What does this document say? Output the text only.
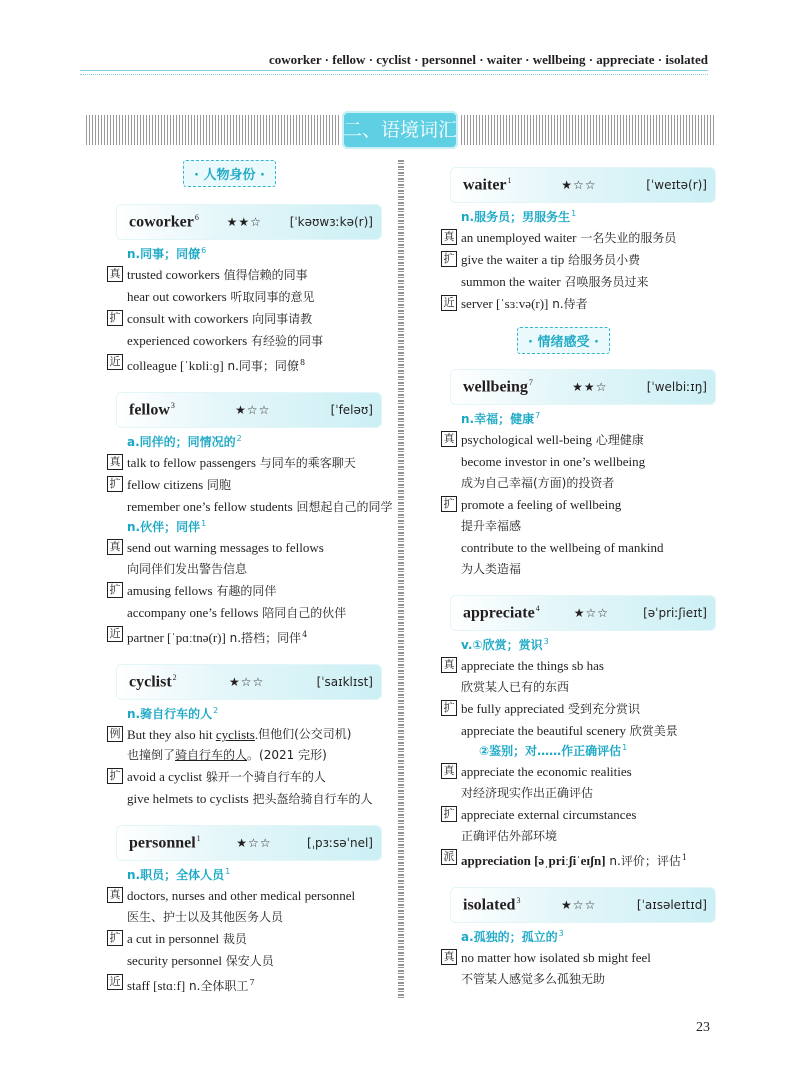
coworker · fellow · cyclist · personnel · waiter · wellbeing · appreciate · isolated
二、语境词汇
· 人物身份 ·
coworker$^6$ ★★☆ [ˈkəʊwɜːkə(r)]
n.同事；同僚$^6$
真 trusted coworkers 值得信赖的同事
hear out coworkers 听取同事的意见
扩 consult with coworkers 向同事请教
experienced coworkers 有经验的同事
近 colleague [ˈkɒliːɡ] n.同事；同僚$^8$
fellow$^3$	★☆☆	[ˈfeləʊ]
a.同伴的；同情况的$^2$
真 talk to fellow passengers 与同车的乘客聊天
扩 fellow citizens 同胞
remember one’s fellow students 回想起自己的同学
n.伙伴；同伴$^1$
真 send out warning messages to fellows
向同伴们发出警告信息
扩 amusing fellows 有趣的同伴
accompany one’s fellows 陪同自己的伙伴
近 partner [ˈpɑːtnə(r)] n.搭档；同伴$^4$
cyclist$^2$	★☆☆	[ˈsaɪklɪst]
n.骑自行车的人$^2$
例 But they also hit cyclists. 但他们(公交司机)
也撞倒了骑自行车的人。(2021 完形)
扩 avoid a cyclist 躲开一个骑自行车的人
give helmets to cyclists 把头盔给骑自行车的人
personnel$^1$	★☆☆	[ˌpɜːsəˈnel]
n.职员；全体人员$^1$
真 doctors, nurses and other medical personnel
医生、护士以及其他医务人员
扩 a cut in personnel 裁员
security personnel 保安人员
近 staff [stɑːf] n.全体职工$^7$
waiter$^1$	★☆☆	[ˈweɪtə(r)]
n.服务员；男服务生$^1$
真 an unemployed waiter 一名失业的服务员
扩 give the waiter a tip 给服务员小费
summon the waiter 召唤服务员过来
近 server [ˈsɜːvə(r)] n.侍者
· 情绪感受 ·
wellbeing$^7$	★★☆	[ˈwelbiːɪŋ]
n.幸福；健康$^7$
真 psychological well-being 心理健康
become investor in one’s wellbeing
成为自己幸福(方面)的投资者
扩 promote a feeling of wellbeing
提升幸福感
contribute to the wellbeing of mankind
为人类造福
appreciate$^4$	★☆☆	[əˈpriːʃieɪt]
v.①欣赏；赏识$^3$
真 appreciate the things sb has
欣赏某人已有的东西
扩 be fully appreciated 受到充分赏识
appreciate the beautiful scenery 欣赏美景
②鉴别；对……作正确评估$^1$
真 appreciate the economic realities
对经济现实作出正确评估
扩 appreciate external circumstances
正确评估外部环境
派 appreciation [əˌpriːʃiˈeɪʃn] n.评价；评估$^1$
isolated$^3$	★☆☆	[ˈaɪsəleɪtɪd]
a.孤独的；孤立的$^3$
真 no matter how isolated sb might feel
不管某人感觉多么孤独无助
23
